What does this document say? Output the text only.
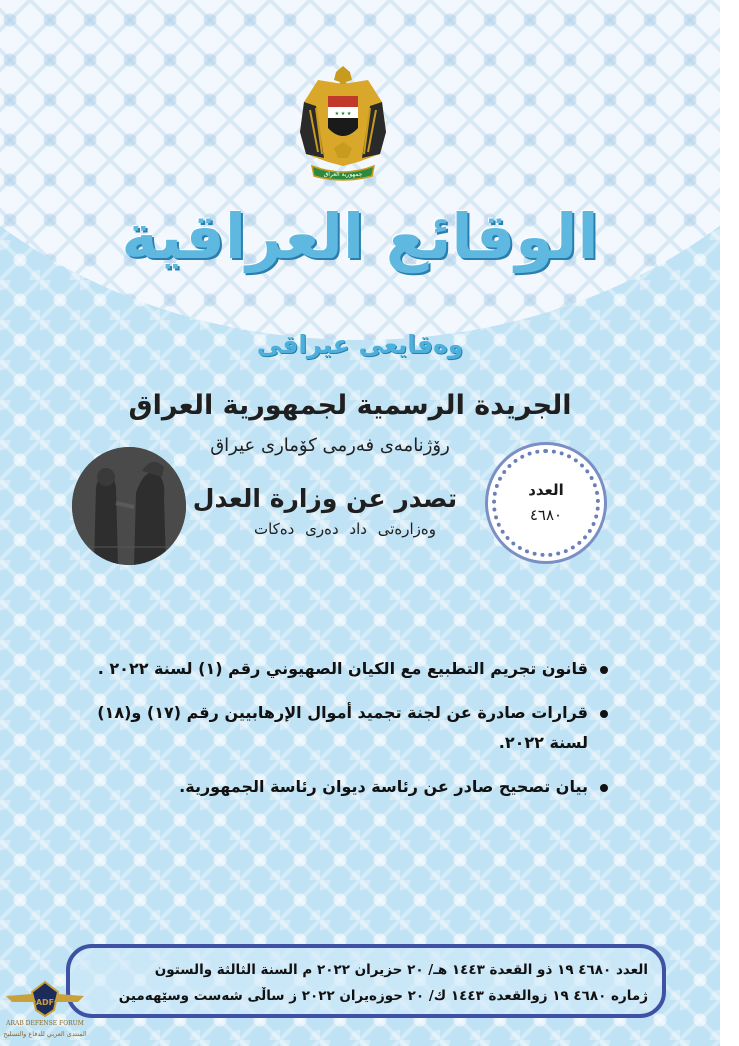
★ ★ ★
جمهورية العراق
الوقائع العراقية
وەقایعی عیراقی
الجريدة الرسمية لجمهورية العراق
رۆژنامەی فەرمی کۆماری عیراق
تصدر عن وزارة العدل
وەزارەتی داد دەری دەکات
العدد
٤٦٨٠
قانون تجريم التطبيع مع الكيان الصهيوني رقم (١) لسنة ٢٠٢٢ .
قرارات صادرة عن لجنة تجميد أموال الإرهابيين رقم (١٧) و(١٨) لسنة ٢٠٢٢.
بيان تصحيح صادر عن رئاسة ديوان رئاسة الجمهورية.
العدد ٤٦٨٠ ١٩ ذو القعدة ١٤٤٣ هـ/ ٢٠ حزيران ٢٠٢٢ م السنة الثالثة والستون
ژمارە ٤٦٨٠ ١٩ زوالقعدة ١٤٤٣ ك/ ٢٠ حوزەیران ٢٠٢٢ ز ساڵی شەست وسێهەمین
ADF
ARAB DEFENSE FORUM
المنتدى العربي للدفاع والتسليح
